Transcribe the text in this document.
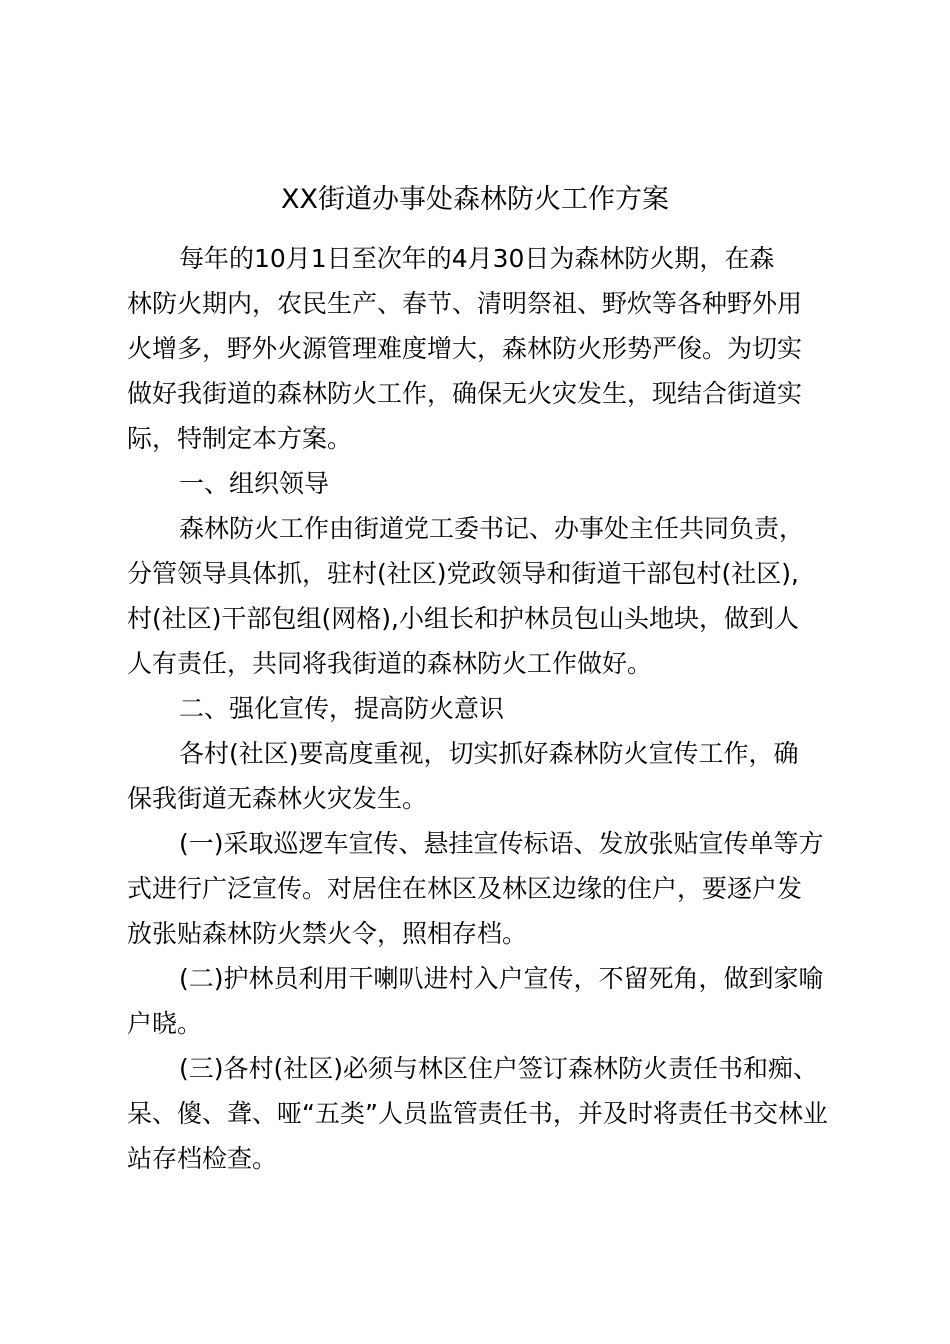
XX街道办事处森林防火工作方案
每年的10月1日至次年的4月30日为森林防火期，在森
林防火期内，农民生产、春节、清明祭祖、野炊等各种野外用
火增多，野外火源管理难度增大，森林防火形势严俊。为切实
做好我街道的森林防火工作，确保无火灾发生，现结合街道实
际，特制定本方案。
一、组织领导
森林防火工作由街道党工委书记、办事处主任共同负责，
分管领导具体抓，驻村(社区)党政领导和街道干部包村(社区),
村(社区)干部包组(网格),小组长和护林员包山头地块，做到人
人有责任，共同将我街道的森林防火工作做好。
二、强化宣传，提高防火意识
各村(社区)要高度重视，切实抓好森林防火宣传工作，确
保我街道无森林火灾发生。
(一)采取巡逻车宣传、悬挂宣传标语、发放张贴宣传单等方
式进行广泛宣传。对居住在林区及林区边缘的住户，要逐户发
放张贴森林防火禁火令，照相存档。
(二)护林员利用干喇叭进村入户宣传，不留死角，做到家喻
户晓。
(三)各村(社区)必须与林区住户签订森林防火责任书和痴、
呆、傻、聋、哑“五类”人员监管责任书，并及时将责任书交林业
站存档检查。
